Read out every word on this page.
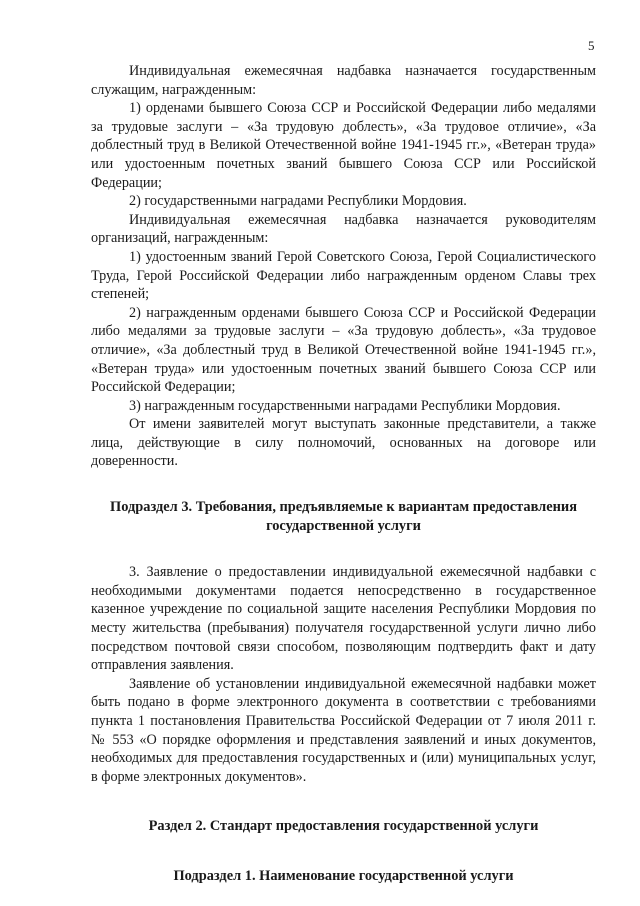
5

Индивидуальная ежемесячная надбавка назначается государственным служащим, награжденным:

1) орденами бывшего Союза ССР и Российской Федерации либо медалями за трудовые заслуги – «За трудовую доблесть», «За трудовое отличие», «За доблестный труд в Великой Отечественной войне 1941-1945 гг.», «Ветеран труда» или удостоенным почетных званий бывшего Союза ССР или Российской Федерации;

2) государственными наградами Республики Мордовия.

Индивидуальная ежемесячная надбавка назначается руководителям организаций, награжденным:

1) удостоенным званий Герой Советского Союза, Герой Социалистического Труда, Герой Российской Федерации либо награжденным орденом Славы трех степеней;

2) награжденным орденами бывшего Союза ССР и Российской Федерации либо медалями за трудовые заслуги – «За трудовую доблесть», «За трудовое отличие», «За доблестный труд в Великой Отечественной войне 1941-1945 гг.», «Ветеран труда» или удостоенным почетных званий бывшего Союза ССР или Российской Федерации;

3) награжденным государственными наградами Республики Мордовия.

От имени заявителей могут выступать законные представители, а также лица, действующие в силу полномочий, основанных на договоре или доверенности.

Подраздел 3. Требования, предъявляемые к вариантам предоставления государственной услуги

3. Заявление о предоставлении индивидуальной ежемесячной надбавки с необходимыми документами подается непосредственно в государственное казенное учреждение по социальной защите населения Республики Мордовия по месту жительства (пребывания) получателя государственной услуги лично либо посредством почтовой связи способом, позволяющим подтвердить факт и дату отправления заявления.

Заявление об установлении индивидуальной ежемесячной надбавки может быть подано в форме электронного документа в соответствии с требованиями пункта 1 постановления Правительства Российской Федерации от 7 июля 2011 г. № 553 «О порядке оформления и представления заявлений и иных документов, необходимых для предоставления государственных и (или) муниципальных услуг, в форме электронных документов».

Раздел 2. Стандарт предоставления государственной услуги

Подраздел 1. Наименование государственной услуги
